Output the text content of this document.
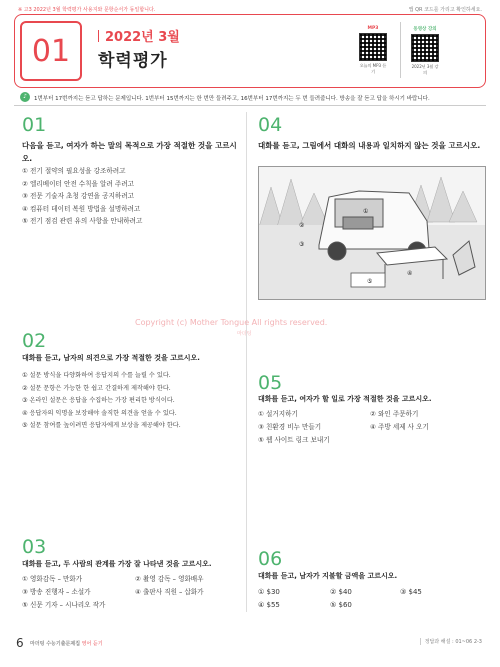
※ 고3 2022년 3월 학력평가 사용지와 문항순서가 동일합니다.	앱 QR 코드를 가리고 확인하세요.
01	2022년 3월
학력평가
MP3
오늘의 MP3 듣기
동영상 강의
2022년 3월 강의
♪	1번부터 17번까지는 듣고 답하는 문제입니다. 1번부터 15번까지는 한 번만 들려주고, 16번부터 17번까지는 두 번 들려줍니다. 방송을 잘 듣고 답을 하시기 바랍니다.
01
다음을 듣고, 여자가 하는 말의 목적으로 가장 적절한 것을 고르시오.
① 전기 절약의 필요성을 강조하려고
② 엘리베이터 안전 수칙을 알려 주려고
③ 전문 기술자 초청 강연을 공지하려고
④ 컴퓨터 데이터 복원 방법을 설명하려고
⑤ 전기 점검 관련 유의 사항을 안내하려고
04
대화를 듣고, 그림에서 대화의 내용과 일치하지 않는 것을 고르시오.
②
③
①
④
⑤
Copyright (c) Mother Tongue All rights reserved.
마더텅
02
대화를 듣고, 남자의 의견으로 가장 적절한 것을 고르시오.
① 설문 방식을 다양화하여 응답지의 수를 늘릴 수 있다.
② 설문 문항은 가능한 한 쉽고 간결하게 제작해야 한다.
③ 온라인 설문은 응답을 수집하는 가장 편리한 방식이다.
④ 응답자의 익명을 보장해야 솔직한 의견을 얻을 수 있다.
⑤ 설문 참여를 높이려면 응답자에게 보상을 제공해야 한다.
05
대화를 듣고, 여자가 할 일로 가장 적절한 것을 고르시오.
① 설거지하기	② 와인 주문하기
③ 친환경 비누 만들기	④ 주방 세제 사 오기
⑤ 웹 사이트 링크 보내기
03
대화를 듣고, 두 사람의 관계를 가장 잘 나타낸 것을 고르시오.
① 영화감독 – 만화가	② 촬영 감독 – 영화배우
③ 방송 진행자 – 소설가	④ 출판사 직원 – 삽화가
⑤ 신문 기자 – 시나리오 작가
06
대화를 듣고, 남자가 지불할 금액을 고르시오.
① $30	② $40	③ $45
④ $55	⑤ $60
6 마더텅 수능기출문제집 영어 듣기	정답과 해설 : 01~06 2-3
